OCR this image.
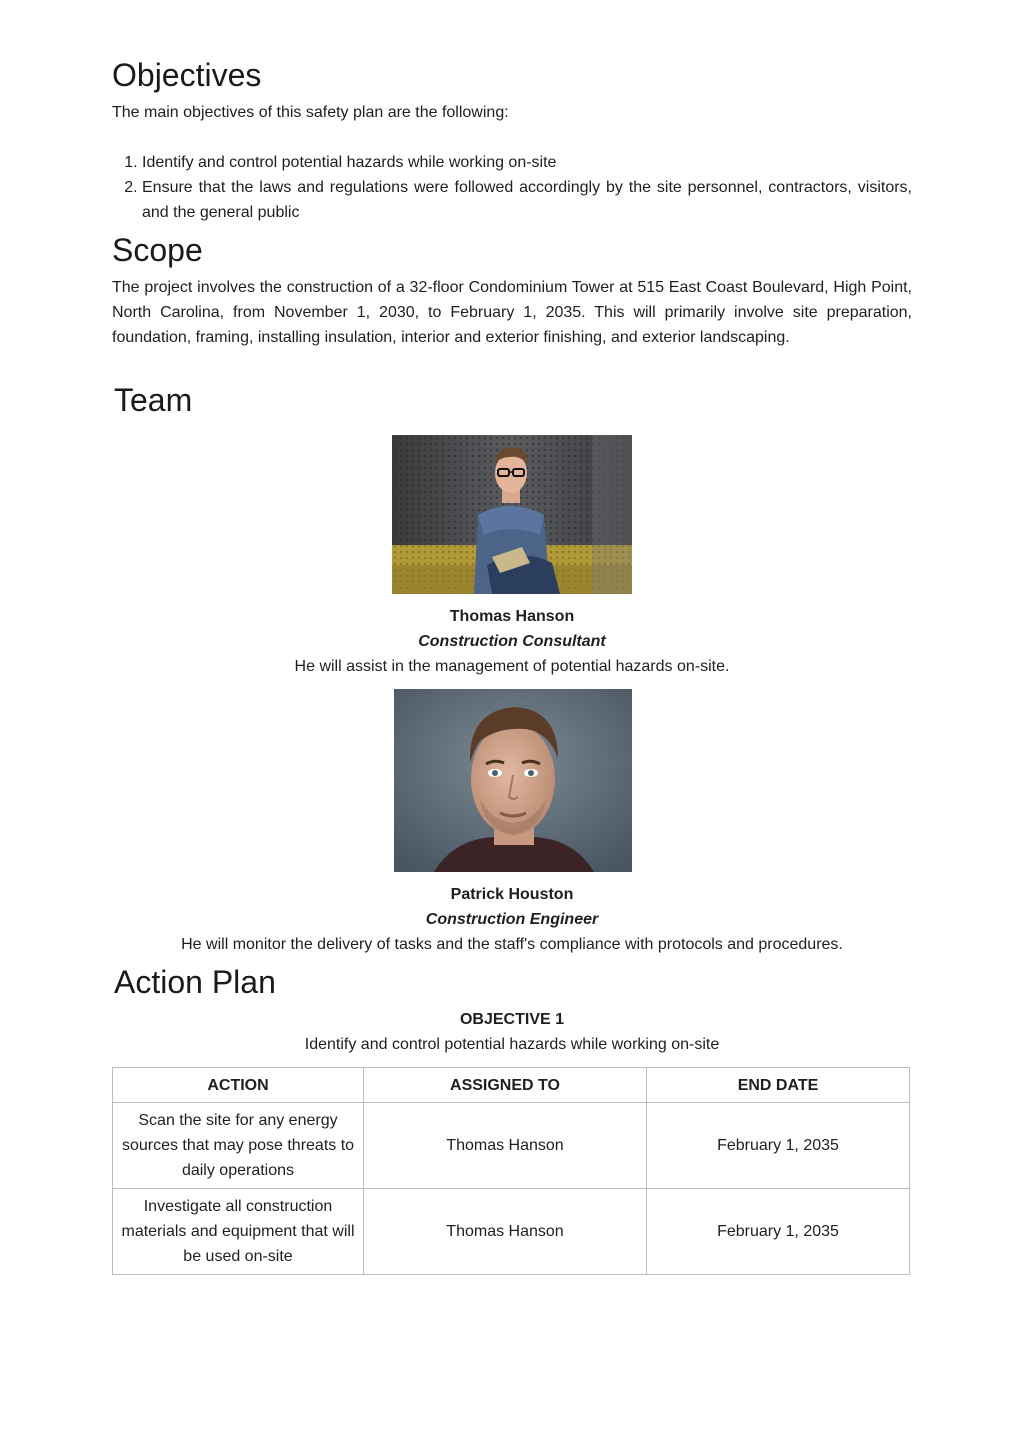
Objectives

The main objectives of this safety plan are the following:

1. Identify and control potential hazards while working on-site
2. Ensure that the laws and regulations were followed accordingly by the site personnel, contractors, visitors, and the general public
Scope

The project involves the construction of a 32-floor Condominium Tower at 515 East Coast Boulevard, High Point, North Carolina, from November 1, 2030, to February 1, 2035. This will primarily involve site preparation, foundation, framing, installing insulation, interior and exterior finishing, and exterior landscaping.

Team

Thomas Hanson

Construction Consultant

He will assist in the management of potential hazards on-site.

Patrick Houston

Construction Engineer

He will monitor the delivery of tasks and the staff's compliance with protocols and procedures.

Action Plan

OBJECTIVE 1

Identify and control potential hazards while working on-site

ACTION	ASSIGNED TO	END DATE
Scan the site for any energy sources that may pose threats to daily operations	Thomas Hanson	February 1, 2035
Investigate all construction materials and equipment that will be used on-site	Thomas Hanson	February 1, 2035
